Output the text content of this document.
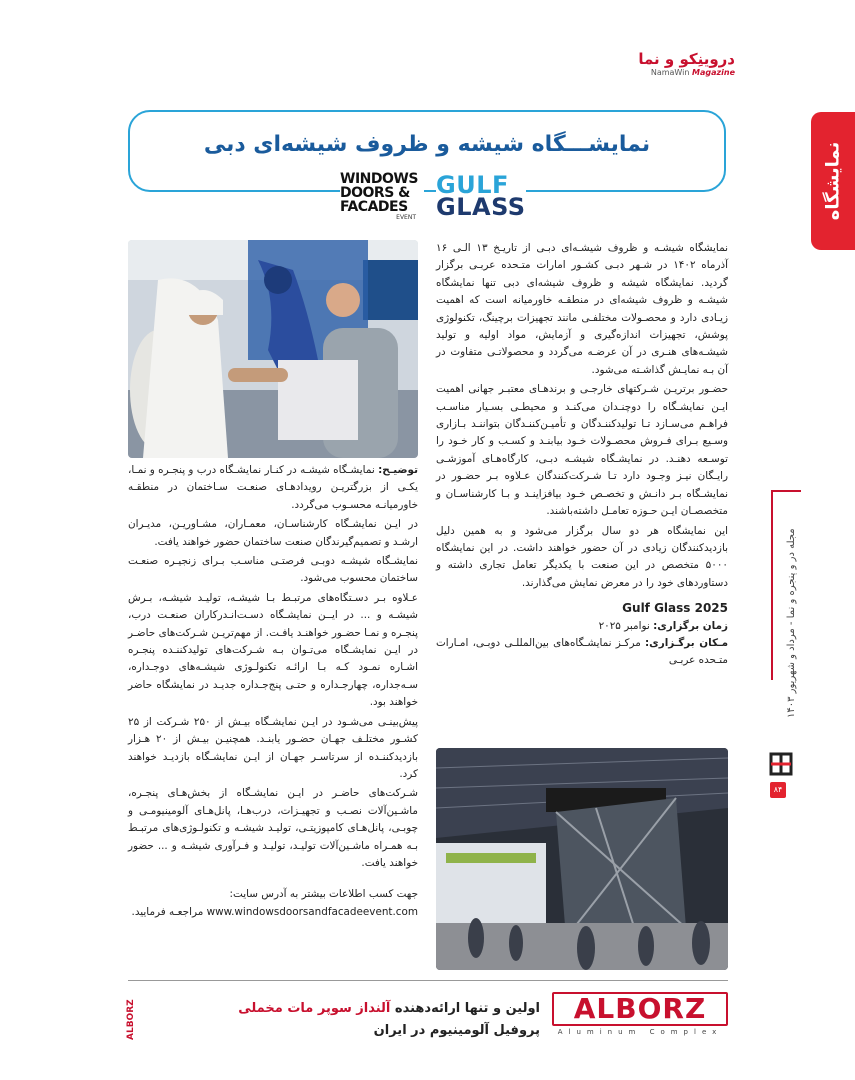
دروینِکو و نما
NamaWin Magazine
نمایشگاه
نمایشـــگاه شیشه و ظروف شیشه‌ای دبی
WINDOWS
DOORS &
FACADES
EVENT
GULF
GLASS

نمایشگاه شیشـه و ظروف شیشـه‌ای دبـی از تاریـخ ۱۳ الـی ۱۶ آذرماه ۱۴۰۲ در شـهر دبـی کشـور امارات متـحده عربـی برگزار گردید. نمایشگاه شیشه و ظروف شیشه‌ای دبی تنها نمایشگاه شیشـه و ظروف شیشه‌ای در منطقـه خاورمیانه است که اهمیت زیـادی دارد و محصـولات مختلفـی مانند تجهیزات برچینگ، تکنولوژی پوشش، تجهیزات اندازه‌گیری و آزمایش، مواد اولیه و تولید شیشـه‌های هنـری در آن عرضـه می‌گردد و محصولاتـی متفاوت در آن بـه نمایـش گذاشـته می‌شود.

حضـور برتریـن شـرکتهای خارجـی و برندهـای معتبـر جهانی اهمیت ایـن نمایشـگاه را دوچنـدان می‌کنـد و محیطـی بسـیار مناسـب فراهـم می‌سـازد تـا تولیدکننـدگان و تأمیـن‌کننـدگان بتواننـد بـازاری وسـیع بـرای فـروش محصـولات خـود بیابنـد و کسـب و کار خـود را توسـعه دهنـد. در نمایشـگاه شیشـه دبـی، کارگاه‌هـای آموزشـی رایـگان نیـز وجـود دارد تـا شـرکت‌کنندگان عـلاوه بـر حضـور در نمایشـگاه بـر دانـش و تخصـص خـود بیافزاینـد و بـا کارشناسـان و متخصصـان ایـن حـوزه تعامـل داشته‌باشند.

این نمایشگاه هر دو سال برگزار می‌شود و به همین دلیل بازدیدکنندگان زیادی در آن حضور خواهند داشت. در این نمایشگاه ۵۰۰۰ متخصص در این صنعت با یکدیگر تعامل تجاری داشته و دستاوردهای خود را در معرض نمایش می‌گذارند.

Gulf Glass 2025
زمان برگزاری: نوامبر ۲۰۲۵
مـکان برگـزاری: مرکـز نمایشـگاه‌های بین‌المللـی دوبـی، امـارات متـحده عربـی

توضیـح: نمایشـگاه شیشـه در کنـار نمایشـگاه درب و پنجـره و نمـا، یکـی از بزرگتریـن رویدادهـای صنعـت سـاختمان در منطقـه خاورمیانـه محسـوب می‌گردد.

در ایـن نمایشـگاه کارشناسـان، معمـاران، مشـاوریـن، مدیـران ارشـد و تصمیم‌گیرندگان صنعت ساختمان حضور خواهند یافت.

نمایشـگاه شیشـه دوبـی فرصتـی مناسـب بـرای زنجیـره صنعـت ساختمان محسوب می‌شود.

عـلاوه بـر دسـتگاه‌های مرتبـط بـا شیشـه، تولیـد شیشـه، بـرش شیشـه و ... در ایــن نمایشـگاه دسـت‌انـدرکاران صنعـت درب، پنجـره و نمـا حضـور خواهنـد یافـت. از مهم‌تریـن شـرکت‌های حاضـر در ایـن نمایشـگاه می‌تـوان بـه شـرکت‌های تولیدکننـده پنجـره اشـاره نمـود کـه بـا ارائـه تکنولـوژی شیشـه‌های دوجـداره، سـه‌جداره، چهارجـداره و حتـی پنج‌جـداره جدیـد در نمایشگاه حاضر خواهند بود.

پیش‌بینـی می‌شـود در ایـن نمایشـگاه بیـش از ۲۵۰ شـرکت از ۲۵ کشـور مختلـف جهـان حضـور یابنـد. همچنیـن بیـش از ۲۰ هـزار بازدیدکننـده از سرتاسـر جهـان از ایـن نمایشـگاه بازدیـد خواهند کرد.

شـرکت‌های حاضـر در ایـن نمایشـگاه از بخش‌هـای پنجـره، ماشـین‌آلات نصـب و تجهیـزات، درب‌هـا، پانل‌هـای آلومینیومـی و چوبـی، پانل‌هـای کامپوزیتـی، تولیـد شیشـه و تکنولـوژی‌های مرتبـط بـه همـراه ماشـین‌آلات تولیـد، تولیـد و فـرآوری شیشـه و ... حضور خواهند یافت.

جهت کسب اطلاعات بیشتر به آدرس سایت:
www.windowsdoorsandfacadeevent.com مراجعـه فرمایید.

مجله در و پنجره و نما - مرداد و شهریور ۱۴۰۳
۸۴
ALBORZ
Aluminum Complex
اولین و تنها ارائه‌دهنده آلنداز سوپر مات مخملی
پروفیل آلومینیوم در ایران
ALBORZ
